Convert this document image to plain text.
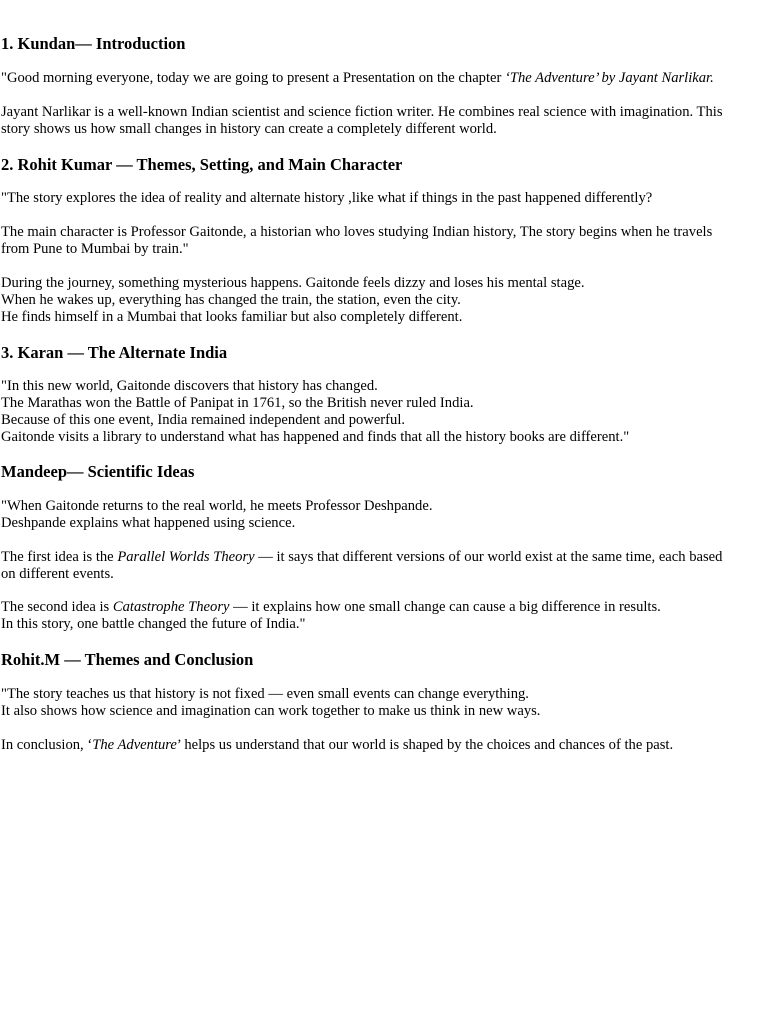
1. Kundan— Introduction

"Good morning everyone, today we are going to present a Presentation on the chapter ‘The Adventure’ by Jayant Narlikar.

Jayant Narlikar is a well-known Indian scientist and science fiction writer. He combines real science with imagination. This
story shows us how small changes in history can create a completely different world.

2. Rohit Kumar — Themes, Setting, and Main Character

"The story explores the idea of reality and alternate history ,like what if things in the past happened differently?

The main character is Professor Gaitonde, a historian who loves studying Indian history, The story begins when he travels
from Pune to Mumbai by train."

During the journey, something mysterious happens. Gaitonde feels dizzy and loses his mental stage.
When he wakes up, everything has changed the train, the station, even the city.
He finds himself in a Mumbai that looks familiar but also completely different.

3. Karan — The Alternate India

"In this new world, Gaitonde discovers that history has changed.
The Marathas won the Battle of Panipat in 1761, so the British never ruled India.
Because of this one event, India remained independent and powerful.
Gaitonde visits a library to understand what has happened and finds that all the history books are different."

Mandeep— Scientific Ideas

"When Gaitonde returns to the real world, he meets Professor Deshpande.
Deshpande explains what happened using science.

The first idea is the Parallel Worlds Theory — it says that different versions of our world exist at the same time, each based
on different events.

The second idea is Catastrophe Theory — it explains how one small change can cause a big difference in results.
In this story, one battle changed the future of India."

Rohit.M — Themes and Conclusion

"The story teaches us that history is not fixed — even small events can change everything.
It also shows how science and imagination can work together to make us think in new ways.

In conclusion, ‘The Adventure’ helps us understand that our world is shaped by the choices and chances of the past.
